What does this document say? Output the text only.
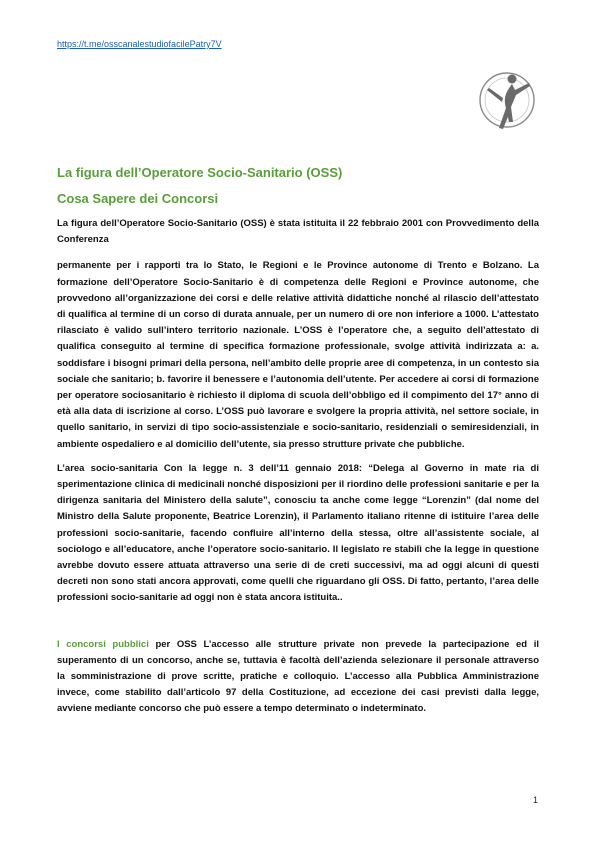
https://t.me/osscanalestudiofacilePatry7V
La figura dell’Operatore Socio-Sanitario (OSS)
Cosa Sapere dei Concorsi

La figura dell’Operatore Socio-Sanitario (OSS) è stata istituita il 22 febbraio 2001 con Provvedimento della Conferenza

permanente per i rapporti tra lo Stato, le Regioni e le Province autonome di Trento e Bolzano. La formazione dell’Operatore Socio-Sanitario è di competenza delle Regioni e Province autonome, che provvedono all’organizzazione dei corsi e delle relative attività didattiche nonché al rilascio dell’attestato di qualifica al termine di un corso di durata annuale, per un numero di ore non inferiore a 1000. L’attestato rilasciato è valido sull’intero territorio nazionale. L’OSS è l’operatore che, a seguito dell’attestato di qualifica conseguito al termine di specifica formazione professionale, svolge attività indirizzata a: a. soddisfare i bisogni primari della persona, nell’ambito delle proprie aree di competenza, in un contesto sia sociale che sanitario; b. favorire il benessere e l’autonomia dell’utente. Per accedere ai corsi di formazione per operatore sociosanitario è richiesto il diploma di scuola dell’obbligo ed il compimento del 17° anno di età alla data di iscrizione al corso. L’OSS può lavorare e svolgere la propria attività, nel settore sociale, in quello sanitario, in servizi di tipo socio-assistenziale e socio-sanitario, residenziali o semiresidenziali, in ambiente ospedaliero e al domicilio dell’utente, sia presso strutture private che pubbliche.

L’area socio-sanitaria Con la legge n. 3 dell’11 gennaio 2018: “Delega al Governo in mate ria di sperimentazione clinica di medicinali nonché disposizioni per il riordino delle professioni sanitarie e per la dirigenza sanitaria del Ministero della salute”, conosciu ta anche come legge “Lorenzin” (dal nome del Ministro della Salute proponente, Beatrice Lorenzin), il Parlamento italiano ritenne di istituire l’area delle professioni socio-sanitarie, facendo confluire all’interno della stessa, oltre all’assistente sociale, al sociologo e all’educatore, anche l’operatore socio-sanitario. Il legislato re stabilì che la legge in questione avrebbe dovuto essere attuata attraverso una serie di de creti successivi, ma ad oggi alcuni di questi decreti non sono stati ancora approvati, come quelli che riguardano gli OSS. Di fatto, pertanto, l’area delle professioni socio-sanitarie ad oggi non è stata ancora istituita..

I concorsi pubblici per OSS L’accesso alle strutture private non prevede la partecipazione ed il superamento di un concorso, anche se, tuttavia è facoltà dell’azienda selezionare il personale attraverso la somministrazione di prove scritte, pratiche e colloquio. L’accesso alla Pubblica Amministrazione invece, come stabilito dall’articolo 97 della Costituzione, ad eccezione dei casi previsti dalla legge, avviene mediante concorso che può essere a tempo determinato o indeterminato.

1
